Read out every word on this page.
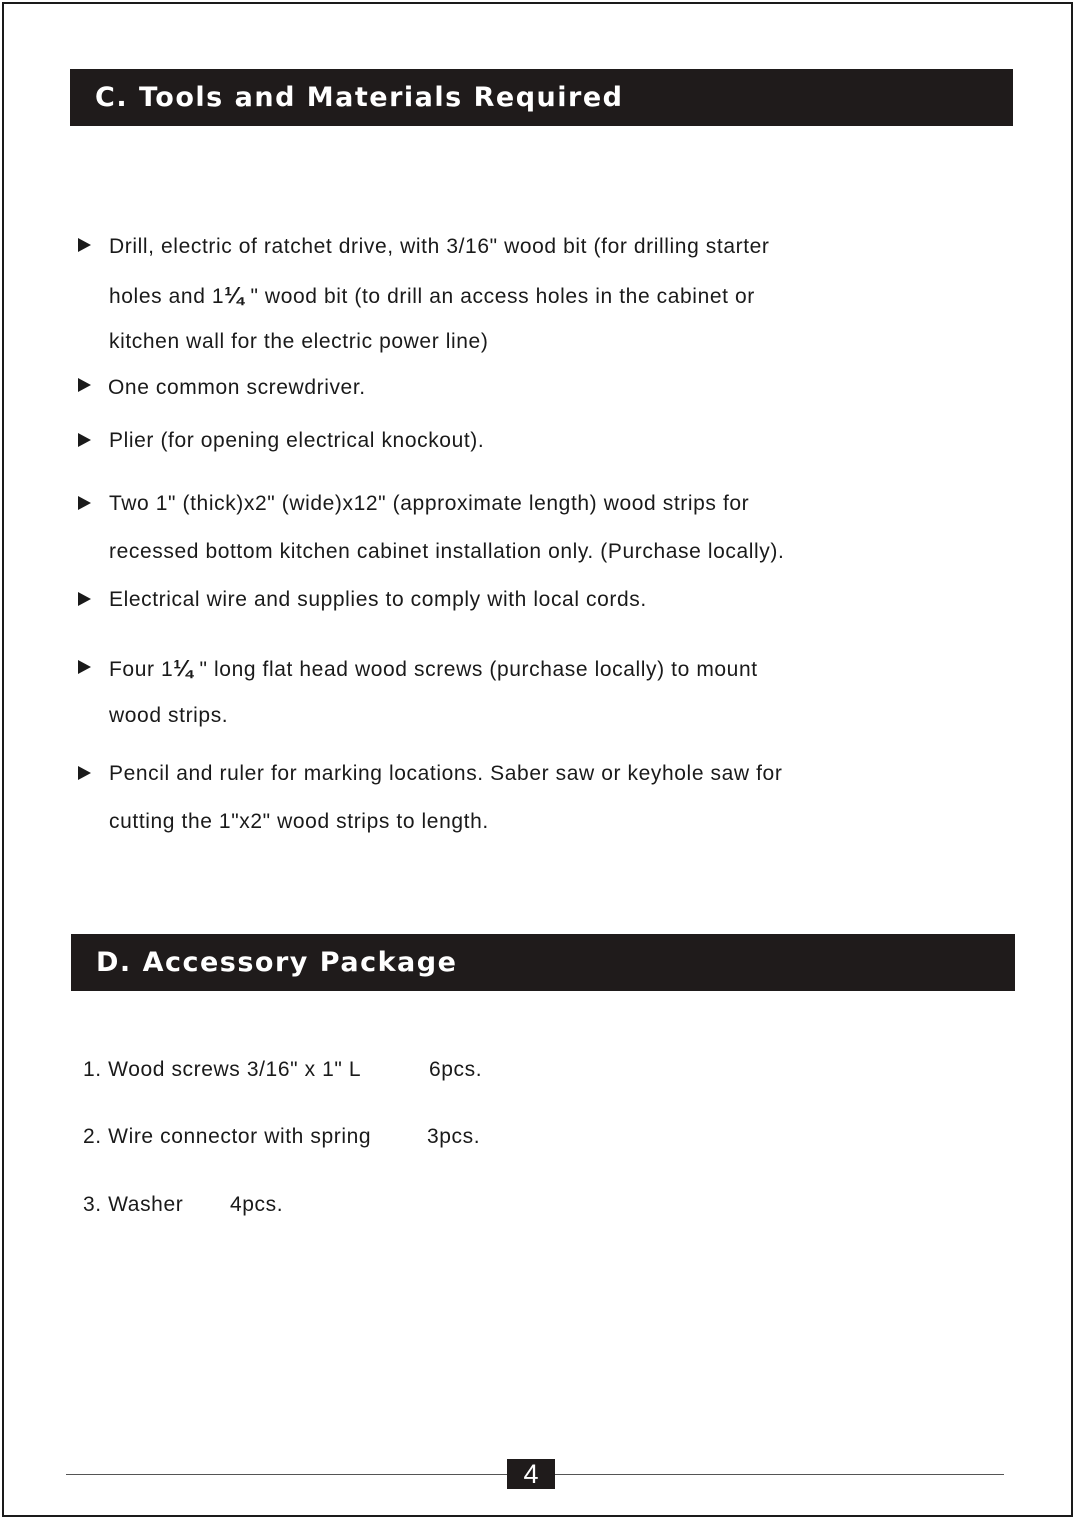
C. Tools and Materials Required
Drill, electric of ratchet drive, with 3/16" wood bit (for drilling starter
holes and 1¼ " wood bit (to drill an access holes in the cabinet or
kitchen wall for the electric power line)
One common screwdriver.
Plier (for opening electrical knockout).
Two 1" (thick)x2" (wide)x12" (approximate length) wood strips for
recessed bottom kitchen cabinet installation only. (Purchase locally).
Electrical wire and supplies to comply with local cords.
Four 1¼ " long flat head wood screws (purchase locally) to mount
wood strips.
Pencil and ruler for marking locations. Saber saw or keyhole saw for
cutting the 1"x2" wood strips to length.
D. Accessory Package
1. Wood screws 3/16" x 1" L	6pcs.
2. Wire connector with spring	3pcs.
3. Washer 4pcs.
4
